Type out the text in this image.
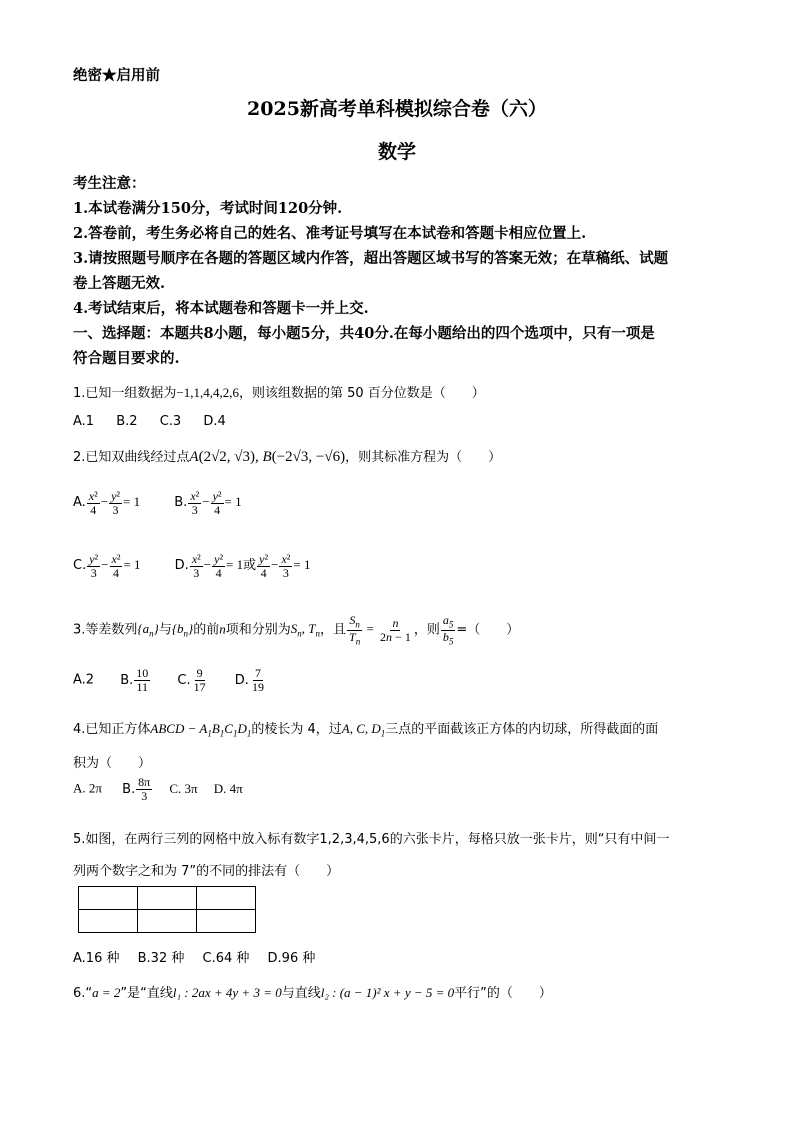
绝密★启用前
2025新高考单科模拟综合卷（六）
数学
考生注意：
1.本试卷满分150分，考试时间120分钟.
2.答卷前，考生务必将自己的姓名、准考证号填写在本试卷和答题卡相应位置上.
3.请按照题号顺序在各题的答题区域内作答，超出答题区域书写的答案无效；在草稿纸、试题
卷上答题无效.
4.考试结束后，将本试题卷和答题卡一并上交.
一、选择题：本题共8小题，每小题5分，共40分.在每小题给出的四个选项中，只有一项是
符合题目要求的.
1.已知一组数据为−1,1,4,4,2,6，则该组数据的第 50 百分位数是（　　）
A.1 B.2 C.3 D.4
2.已知双曲线经过点A(2√2, √3), B(−2√3, −√6)，则其标准方程为（　　）
A. $\frac{\text{x²}}{4} - \frac{\text{y²}}{3} = 1$	B. $\frac{\text{x²}}{3} - \frac{\text{y²}}{4} = 1$
C. $\frac{\text{y²}}{3} - \frac{\text{x²}}{4} = 1$	D. $\frac{\text{x²}}{3} - \frac{\text{y²}}{4} = 1$或 $\frac{\text{y²}}{4} - \frac{\text{x²}}{3} = 1$
3.等差数列$\{a_n\}$与$\{b_n\}$的前n项和分别为$S_n$, $T_n$，且 $\frac{S_n}{T_n} = \frac{n}{2n - 1}$ ，则 $\frac{a_5}{b_5}$ =（　　）
A.2 B. $\frac{10}{11} C$. $\frac{9}{17} D$. $\frac{7}{19}$
4.已知正方体ABCD − $A_1B_1C_1D_1$的棱长为 4，过A, C, $D_1$三点的平面截该正方体的内切球，所得截面的面
积为（　　）
A. 2π B. $\frac{8\pi}{3} C$. 3π D. 4π
5.如图，在两行三列的网格中放入标有数字1,2,3,4,5,6的六张卡片，每格只放一张卡片，则“只有中间一
列两个数字之和为 7”的不同的排法有（　　）

A.16 种 B.32 种 C.64 种 D.96 种
6.“a = 2”是“直线l₁ : 2ax + 4y + 3 = 0与直线l₂ : (a − 1)² x + y − 5 = 0平行”的（　　）
